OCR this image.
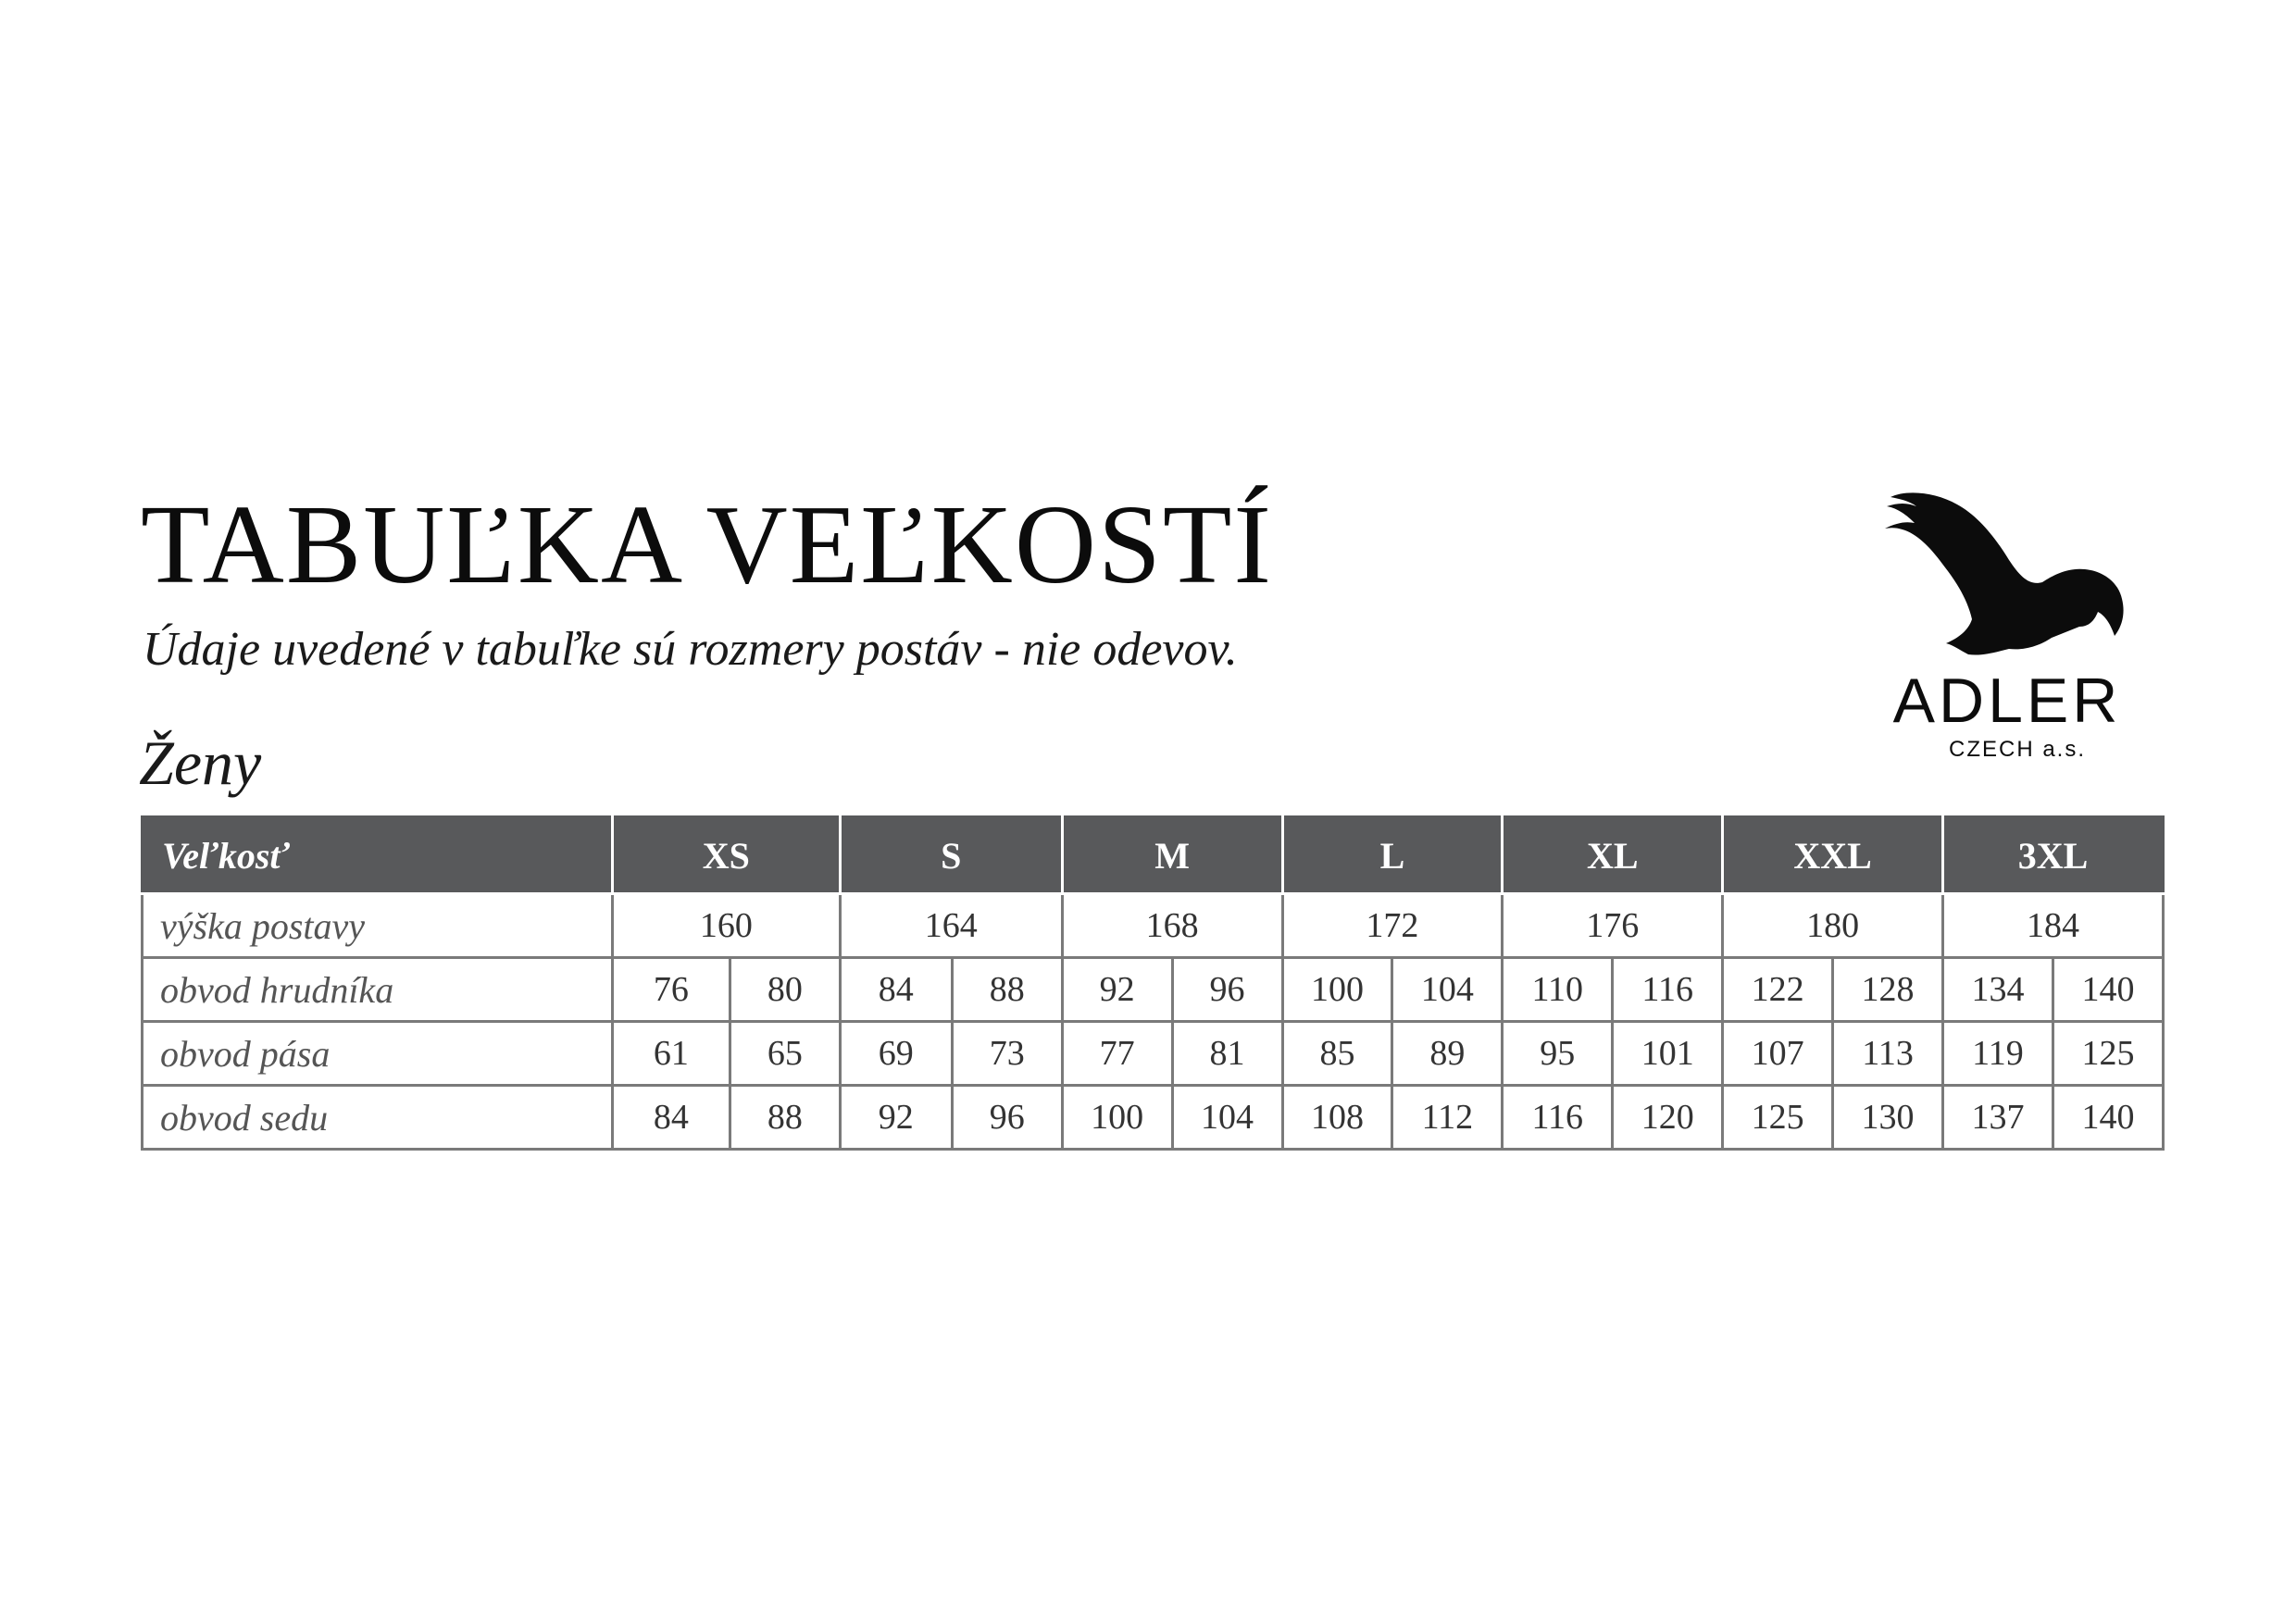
TABUĽKA VEĽKOSTÍ
Údaje uvedené v tabuľke sú rozmery postáv - nie odevov.
Ženy
ADLER
CZECH a.s.
Veľkosť	XS		S		M		L		XL		XXL		3XL	
výška postavy	160		164		168		172		176		180		184	
obvod hrudníka	76	80	84	88	92	96	100	104	110	116	122	128	134	140
obvod pása	61	65	69	73	77	81	85	89	95	101	107	113	119	125
obvod sedu	84	88	92	96	100	104	108	112	116	120	125	130	137	140
